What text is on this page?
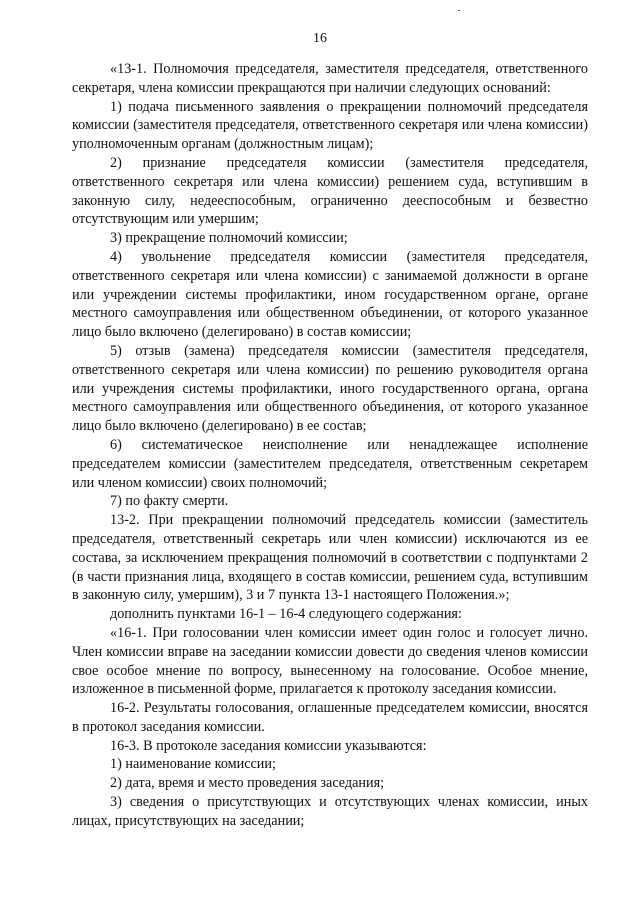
16

«13-1. Полномочия председателя, заместителя председателя, ответственного секретаря, члена комиссии прекращаются при наличии следующих оснований:

1) подача письменного заявления о прекращении полномочий председателя комиссии (заместителя председателя, ответственного секретаря или члена комиссии) уполномоченным органам (должностным лицам);

2) признание председателя комиссии (заместителя председателя, ответственного секретаря или члена комиссии) решением суда, вступившим в законную силу, недееспособным, ограниченно дееспособным и безвестно отсутствующим или умершим;

3) прекращение полномочий комиссии;

4) увольнение председателя комиссии (заместителя председателя, ответственного секретаря или члена комиссии) с занимаемой должности в органе или учреждении системы профилактики, ином государственном органе, органе местного самоуправления или общественном объединении, от которого указанное лицо было включено (делегировано) в состав комиссии;

5) отзыв (замена) председателя комиссии (заместителя председателя, ответственного секретаря или члена комиссии) по решению руководителя органа или учреждения системы профилактики, иного государственного органа, органа местного самоуправления или общественного объединения, от которого указанное лицо было включено (делегировано) в ее состав;

6) систематическое неисполнение или ненадлежащее исполнение председателем комиссии (заместителем председателя, ответственным секретарем или членом комиссии) своих полномочий;

7) по факту смерти.

13-2. При прекращении полномочий председатель комиссии (заместитель председателя, ответственный секретарь или член комиссии) исключаются из ее состава, за исключением прекращения полномочий в соответствии с подпунктами 2 (в части признания лица, входящего в состав комиссии, решением суда, вступившим в законную силу, умершим), 3 и 7 пункта 13-1 настоящего Положения.»;

дополнить пунктами 16-1 – 16-4 следующего содержания:

«16-1. При голосовании член комиссии имеет один голос и голосует лично. Член комиссии вправе на заседании комиссии довести до сведения членов комиссии свое особое мнение по вопросу, вынесенному на голосование. Особое мнение, изложенное в письменной форме, прилагается к протоколу заседания комиссии.

16-2. Результаты голосования, оглашенные председателем комиссии, вносятся в протокол заседания комиссии.

16-3. В протоколе заседания комиссии указываются:

1) наименование комиссии;

2) дата, время и место проведения заседания;

3) сведения о присутствующих и отсутствующих членах комиссии, иных лицах, присутствующих на заседании;
